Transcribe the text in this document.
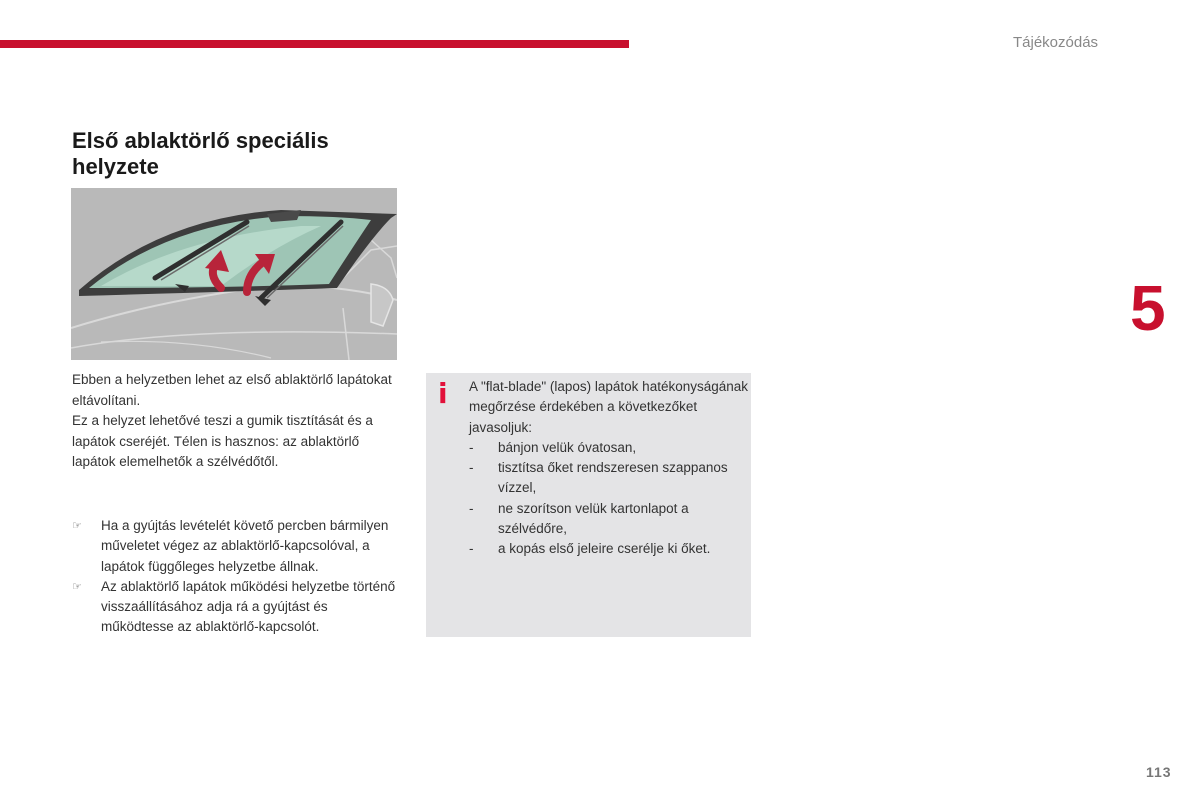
Tájékozódás
5
Első ablaktörlő speciális helyzete
Ebben a helyzetben lehet az első ablaktörlő lapátokat eltávolítani.
Ez a helyzet lehetővé teszi a gumik tisztítását és a lapátok cseréjét. Télen is hasznos: az ablaktörlő lapátok elemelhetők a szélvédőtől.
☞ Ha a gyújtás levételét követő percben bármilyen műveletet végez az ablaktörlő-kapcsolóval, a lapátok függőleges helyzetbe állnak.
☞ Az ablaktörlő lapátok működési helyzetbe történő visszaállításához adja rá a gyújtást és működtesse az ablaktörlő-kapcsolót.
i A "flat-blade" (lapos) lapátok hatékonyságának megőrzése érdekében a következőket javasoljuk:

- bánjon velük óvatosan,
- tisztítsa őket rendszeresen szappanos vízzel,
- ne szorítson velük kartonlapot a szélvédőre,
- a kopás első jeleire cserélje ki őket.
113
